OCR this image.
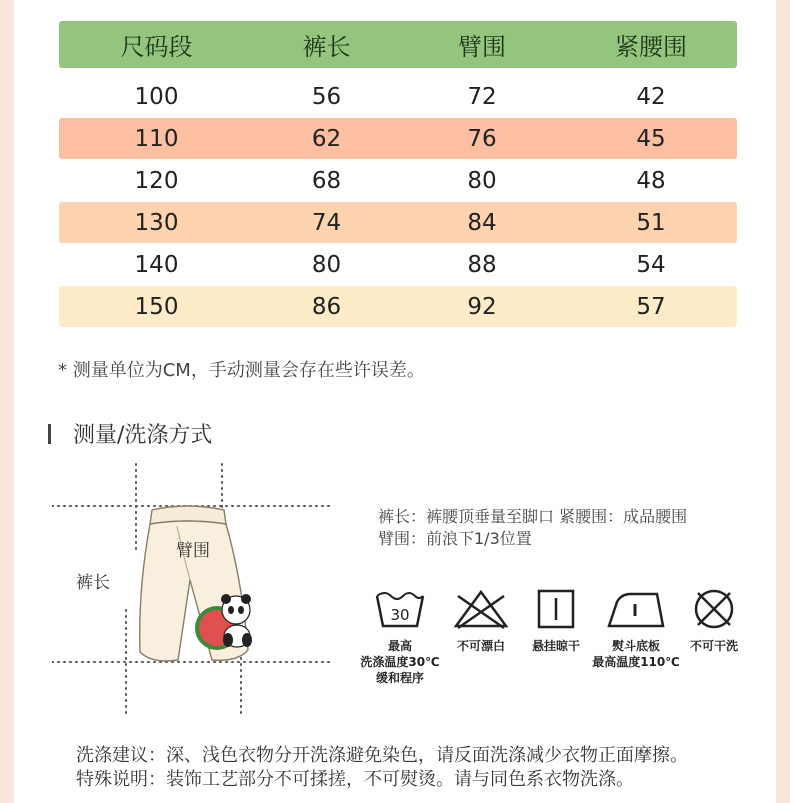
尺码段	裤长	臂围	紧腰围
100	56	72	42
110	62	76	45
120	68	80	48
130	74	84	51
140	80	88	54
150	86	92	57
* 测量单位为CM，手动测量会存在些许误差。
测量/洗涤方式
臂围
裤长
裤长：裤腰顶垂量至脚口 紧腰围：成品腰围
臂围：前浪下1/3位置
30
最高
洗涤温度30℃
缓和程序
不可漂白	悬挂晾干	熨斗底板
最高温度110℃
不可干洗
洗涤建议：深、浅色衣物分开洗涤避免染色，请反面洗涤减少衣物正面摩擦。
特殊说明：装饰工艺部分不可揉搓，不可熨烫。请与同色系衣物洗涤。
